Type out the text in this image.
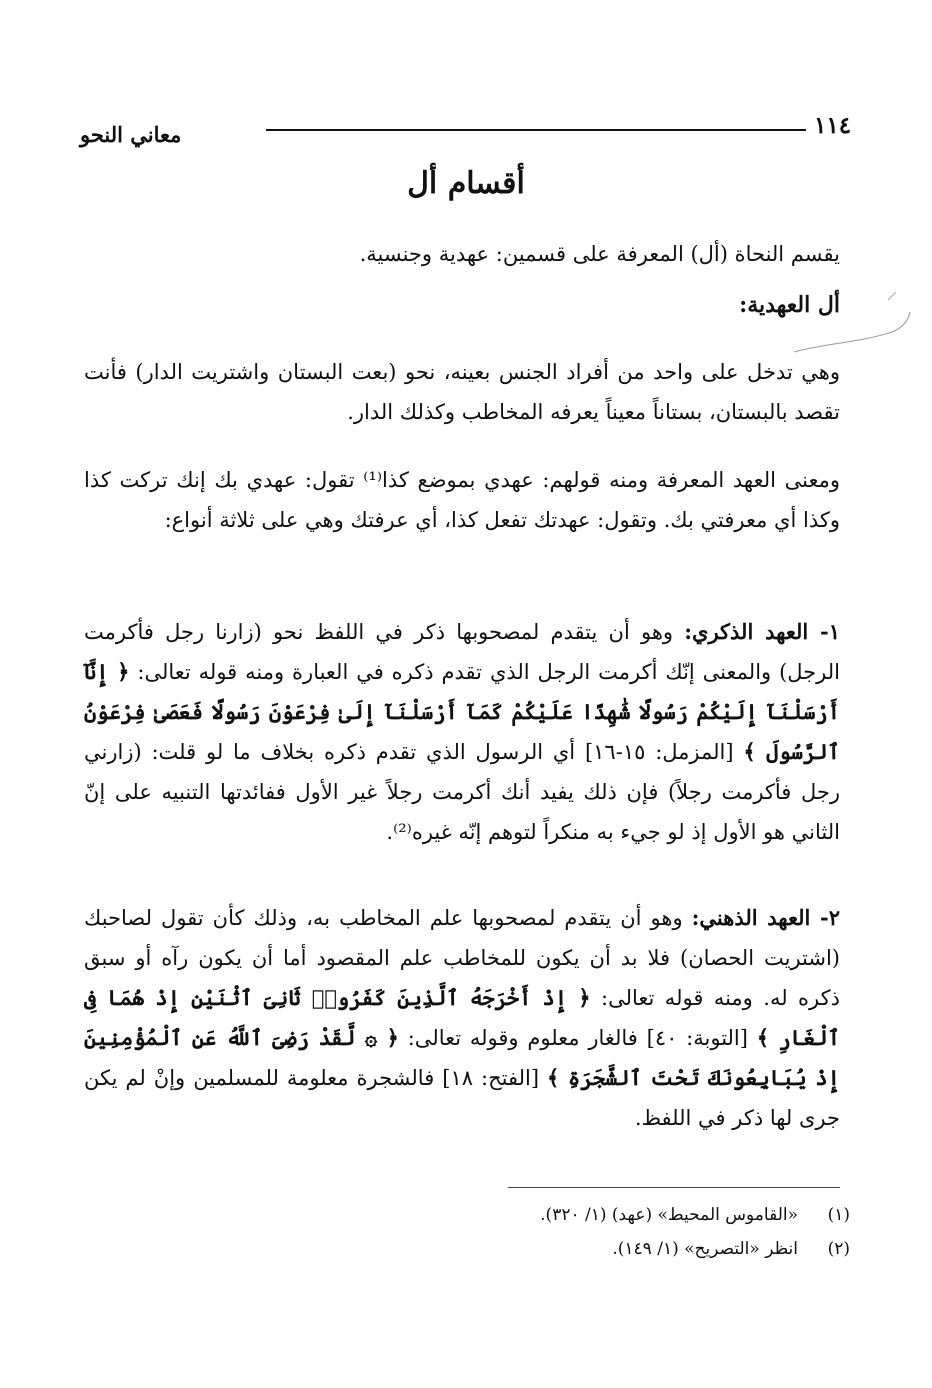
١١٤
معاني النحو
أقسام أل
يقسم النحاة (أل) المعرفة على قسمين: عهدية وجنسية.
أل العهدية:
وهي تدخل على واحد من أفراد الجنس بعينه، نحو (بعت البستان واشتريت الدار) فأنت تقصد بالبستان، بستاناً معيناً يعرفه المخاطب وكذلك الدار.
ومعنى العهد المعرفة ومنه قولهم: عهدي بموضع كذا⁽¹⁾ تقول: عهدي بك إنك تركت كذا وكذا أي معرفتي بك. وتقول: عهدتك تفعل كذا، أي عرفتك وهي على ثلاثة أنواع:
١- العهد الذكري: وهو أن يتقدم لمصحوبها ذكر في اللفظ نحو (زارنا رجل فأكرمت الرجل) والمعنى إنّك أكرمت الرجل الذي تقدم ذكره في العبارة ومنه قوله تعالى: ﴿ إِنَّآ أَرْسَلْنَآ إِلَيْكُمْ رَسُولًا شَٰهِدًا عَلَيْكُمْ كَمَآ أَرْسَلْنَآ إِلَىٰ فِرْعَوْنَ رَسُولًا فَعَصَىٰ فِرْعَوْنُ ٱلرَّسُولَ ﴾ [المزمل: ١٥-١٦] أي الرسول الذي تقدم ذكره بخلاف ما لو قلت: (زارني رجل فأكرمت رجلاً) فإن ذلك يفيد أنك أكرمت رجلاً غير الأول ففائدتها التنبيه على إنّ الثاني هو الأول إذ لو جيء به منكراً لتوهم إنّه غيره⁽²⁾.
٢- العهد الذهني: وهو أن يتقدم لمصحوبها علم المخاطب به، وذلك كأن تقول لصاحبك (اشتريت الحصان) فلا بد أن يكون للمخاطب علم المقصود أما أن يكون رآه أو سبق ذكره له. ومنه قوله تعالى: ﴿ إِذْ أَخْرَجَهُ ٱلَّذِينَ كَفَرُوا۟ ثَانِىَ ٱثْنَيْنِ إِذْ هُمَا فِى ٱلْغَارِ ﴾ [التوبة: ٤٠] فالغار معلوم وقوله تعالى: ﴿ ۞ لَّقَدْ رَضِىَ ٱللَّهُ عَنِ ٱلْمُؤْمِنِينَ إِذْ يُبَايِعُونَكَ تَحْتَ ٱلشَّجَرَةِ ﴾ [الفتح: ١٨] فالشجرة معلومة للمسلمين وإنْ لم يكن جرى لها ذكر في اللفظ.
(١)
«القاموس المحيط» (عهد) (١/ ٣٢٠).
(٢)
انظر «التصريح» (١/ ١٤٩).
